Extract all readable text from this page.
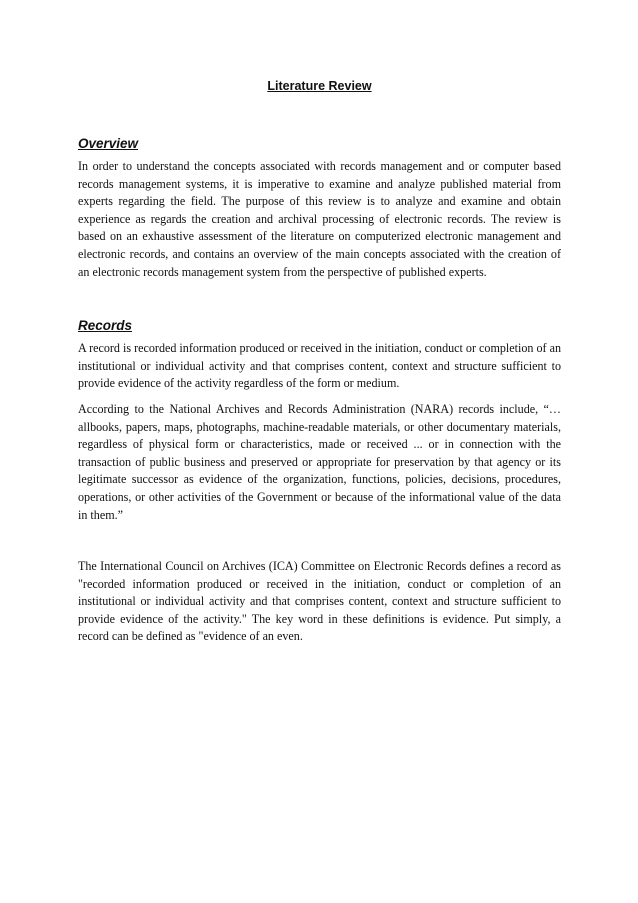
Literature Review
Overview

In order to understand the concepts associated with records management and or computer based records management systems, it is imperative to examine and analyze published material from experts regarding the field. The purpose of this review is to analyze and examine and obtain experience as regards the creation and archival processing of electronic records. The review is based on an exhaustive assessment of the literature on computerized electronic management and electronic records, and contains an overview of the main concepts associated with the creation of an electronic records management system from the perspective of published experts.

Records

A record is recorded information produced or received in the initiation, conduct or completion of an institutional or individual activity and that comprises content, context and structure sufficient to provide evidence of the activity regardless of the form or medium.

According to the National Archives and Records Administration (NARA) records include, “… allbooks, papers, maps, photographs, machine-readable materials, or other documentary materials, regardless of physical form or characteristics, made or received ... or in connection with the transaction of public business and preserved or appropriate for preservation by that agency or its legitimate successor as evidence of the organization, functions, policies, decisions, procedures, operations, or other activities of the Government or because of the informational value of the data in them.”

The International Council on Archives (ICA) Committee on Electronic Records defines a record as "recorded information produced or received in the initiation, conduct or completion of an institutional or individual activity and that comprises content, context and structure sufficient to provide evidence of the activity." The key word in these definitions is evidence. Put simply, a record can be defined as "evidence of an even.
